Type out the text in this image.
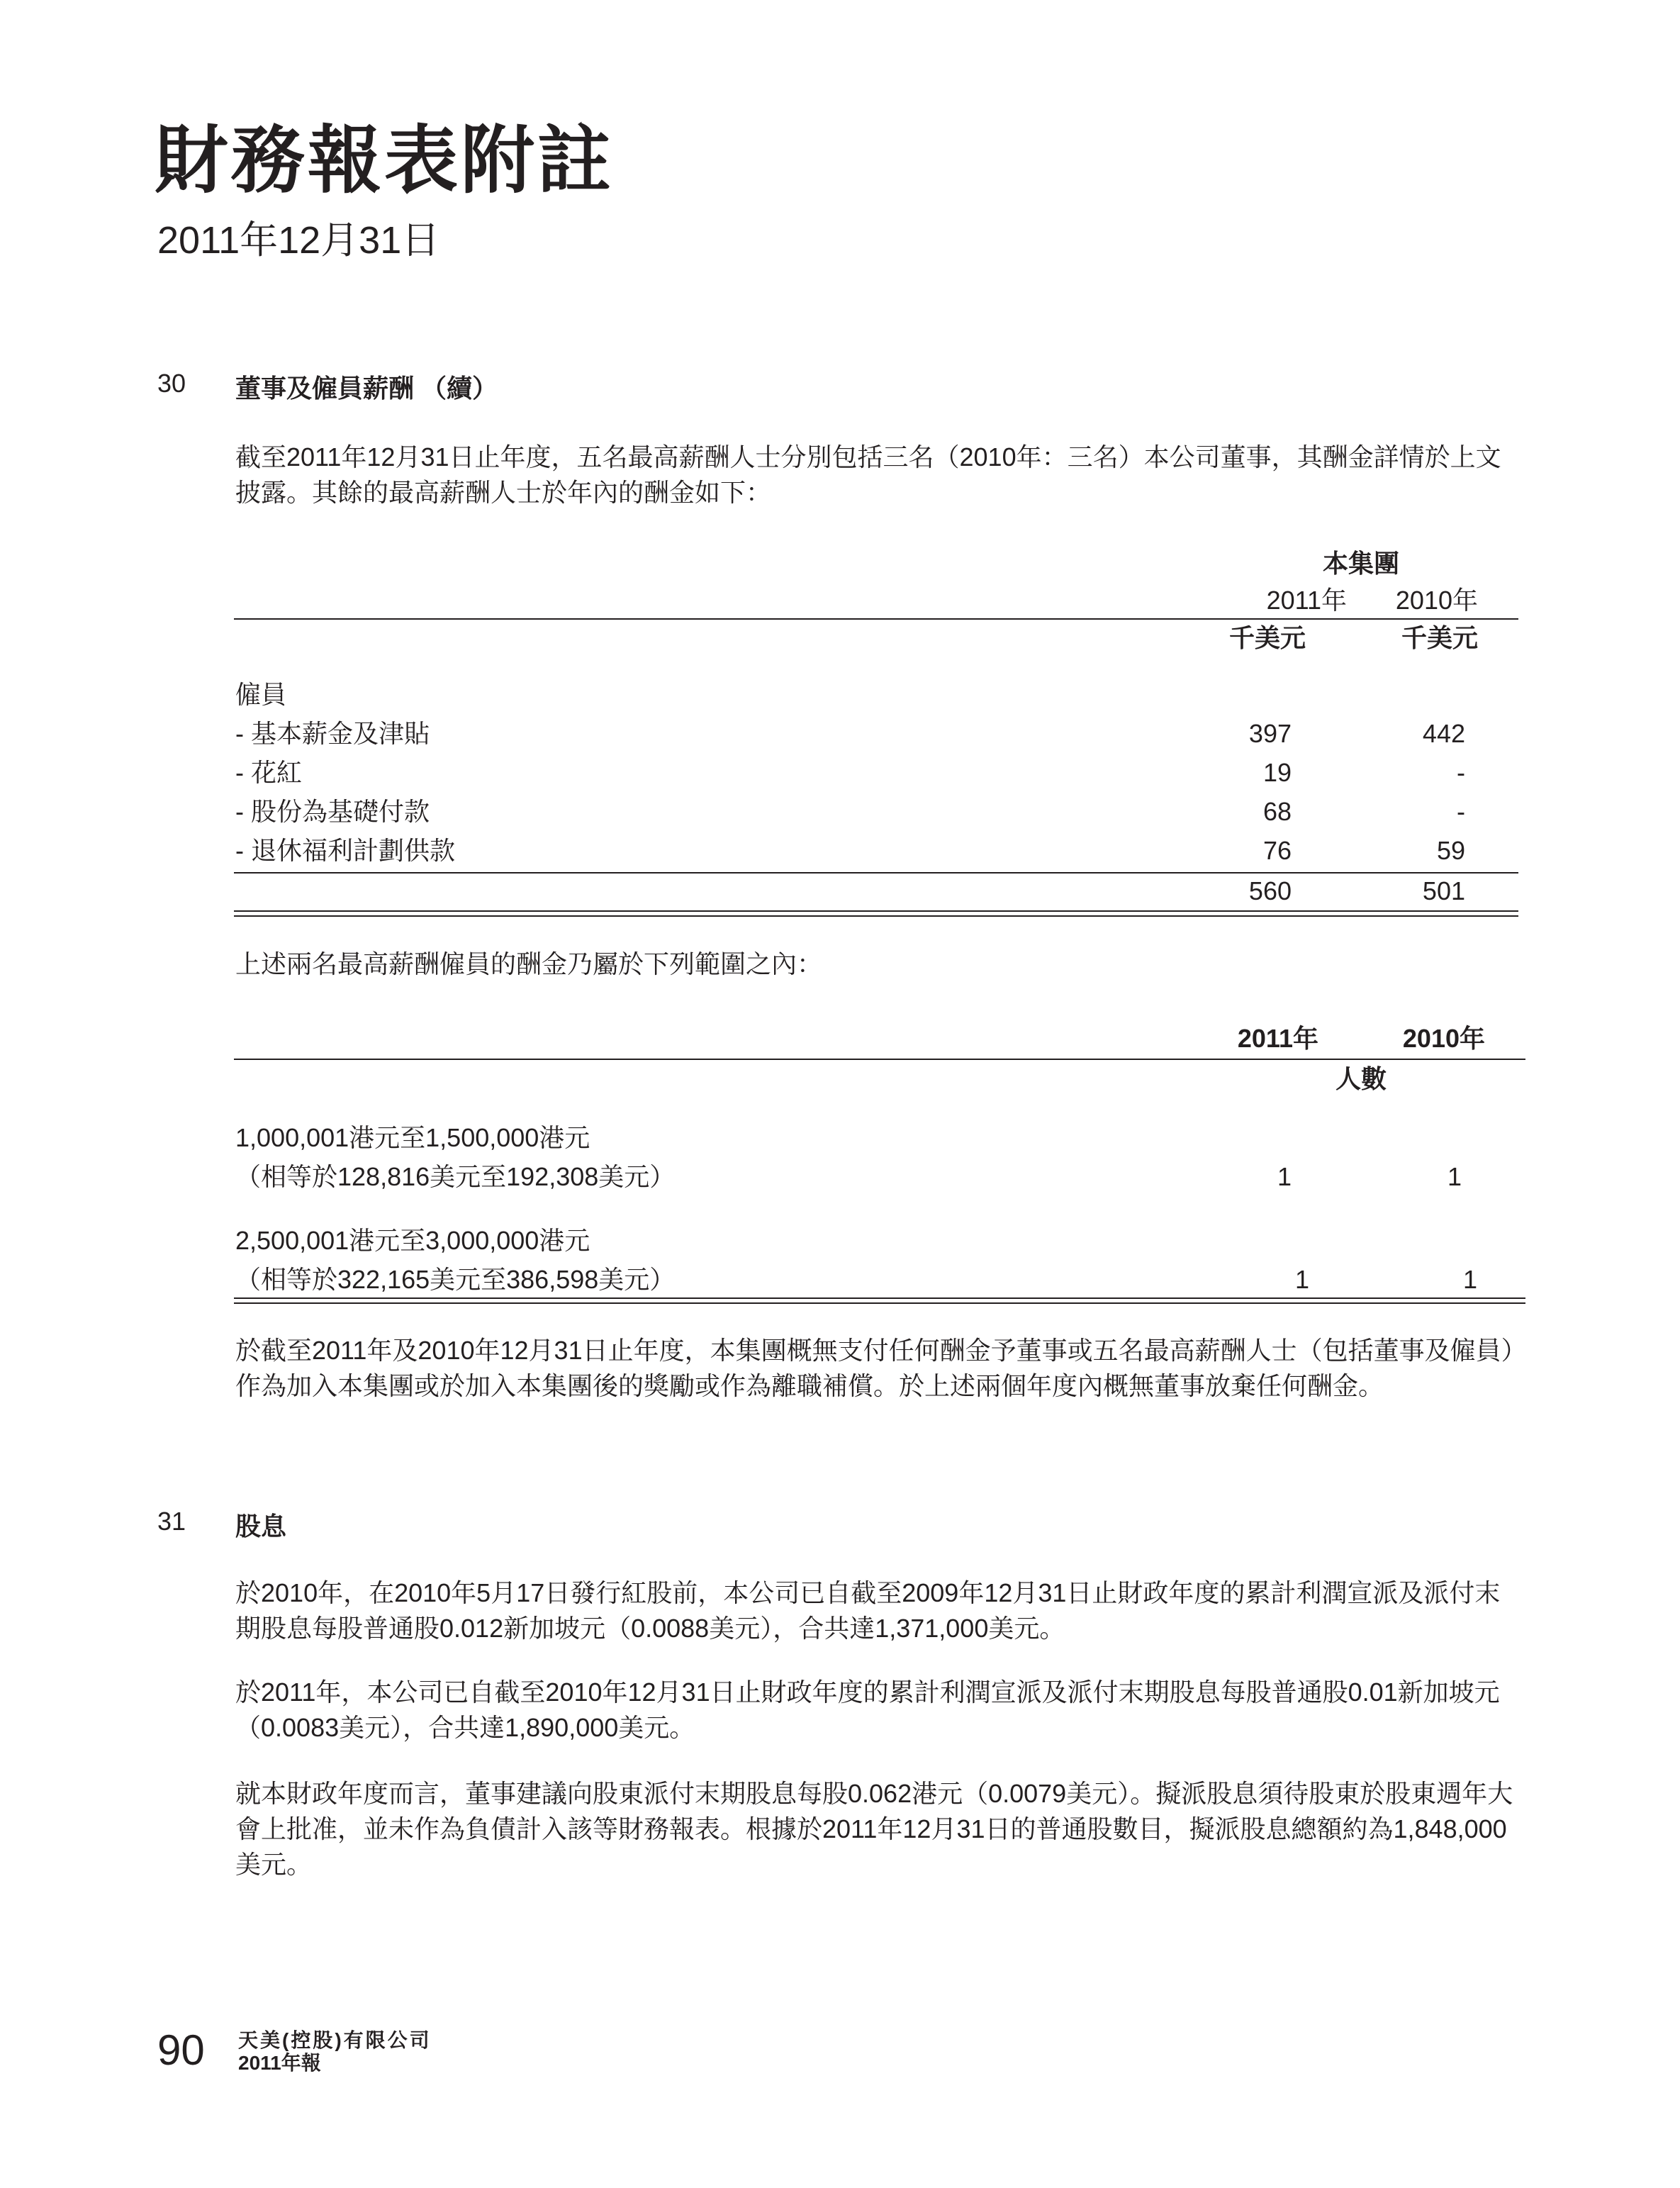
財務報表附註
2011年12月31日
30 董事及僱員薪酬 （續）
截至2011年12月31日止年度，五名最高薪酬人士分別包括三名（2010年：三名）本公司董事，其酬金詳情於上文披露。其餘的最高薪酬人士於年內的酬金如下：
本集團
2011年	2010年
千美元	千美元
僱員
- 基本薪金及津貼	397	442
- 花紅	19	-
- 股份為基礎付款	68	-
- 退休福利計劃供款	76	59
560	501
上述兩名最高薪酬僱員的酬金乃屬於下列範圍之內：
2011年	2010年
人數
1,000,001港元至1,500,000港元
（相等於128,816美元至192,308美元）	1	1
2,500,001港元至3,000,000港元
（相等於322,165美元至386,598美元）	1	1
於截至2011年及2010年12月31日止年度，本集團概無支付任何酬金予董事或五名最高薪酬人士（包括董事及僱員）作為加入本集團或於加入本集團後的獎勵或作為離職補償。於上述兩個年度內概無董事放棄任何酬金。
31 股息
於2010年，在2010年5月17日發行紅股前，本公司已自截至2009年12月31日止財政年度的累計利潤宣派及派付末期股息每股普通股0.012新加坡元（0.0088美元），合共達1,371,000美元。
於2011年，本公司已自截至2010年12月31日止財政年度的累計利潤宣派及派付末期股息每股普通股0.01新加坡元（0.0083美元），合共達1,890,000美元。
就本財政年度而言，董事建議向股東派付末期股息每股0.062港元（0.0079美元）。擬派股息須待股東於股東週年大會上批准，並未作為負債計入該等財務報表。根據於2011年12月31日的普通股數目，擬派股息總額約為1,848,000美元。
90 天美(控股)有限公司
2011年報
